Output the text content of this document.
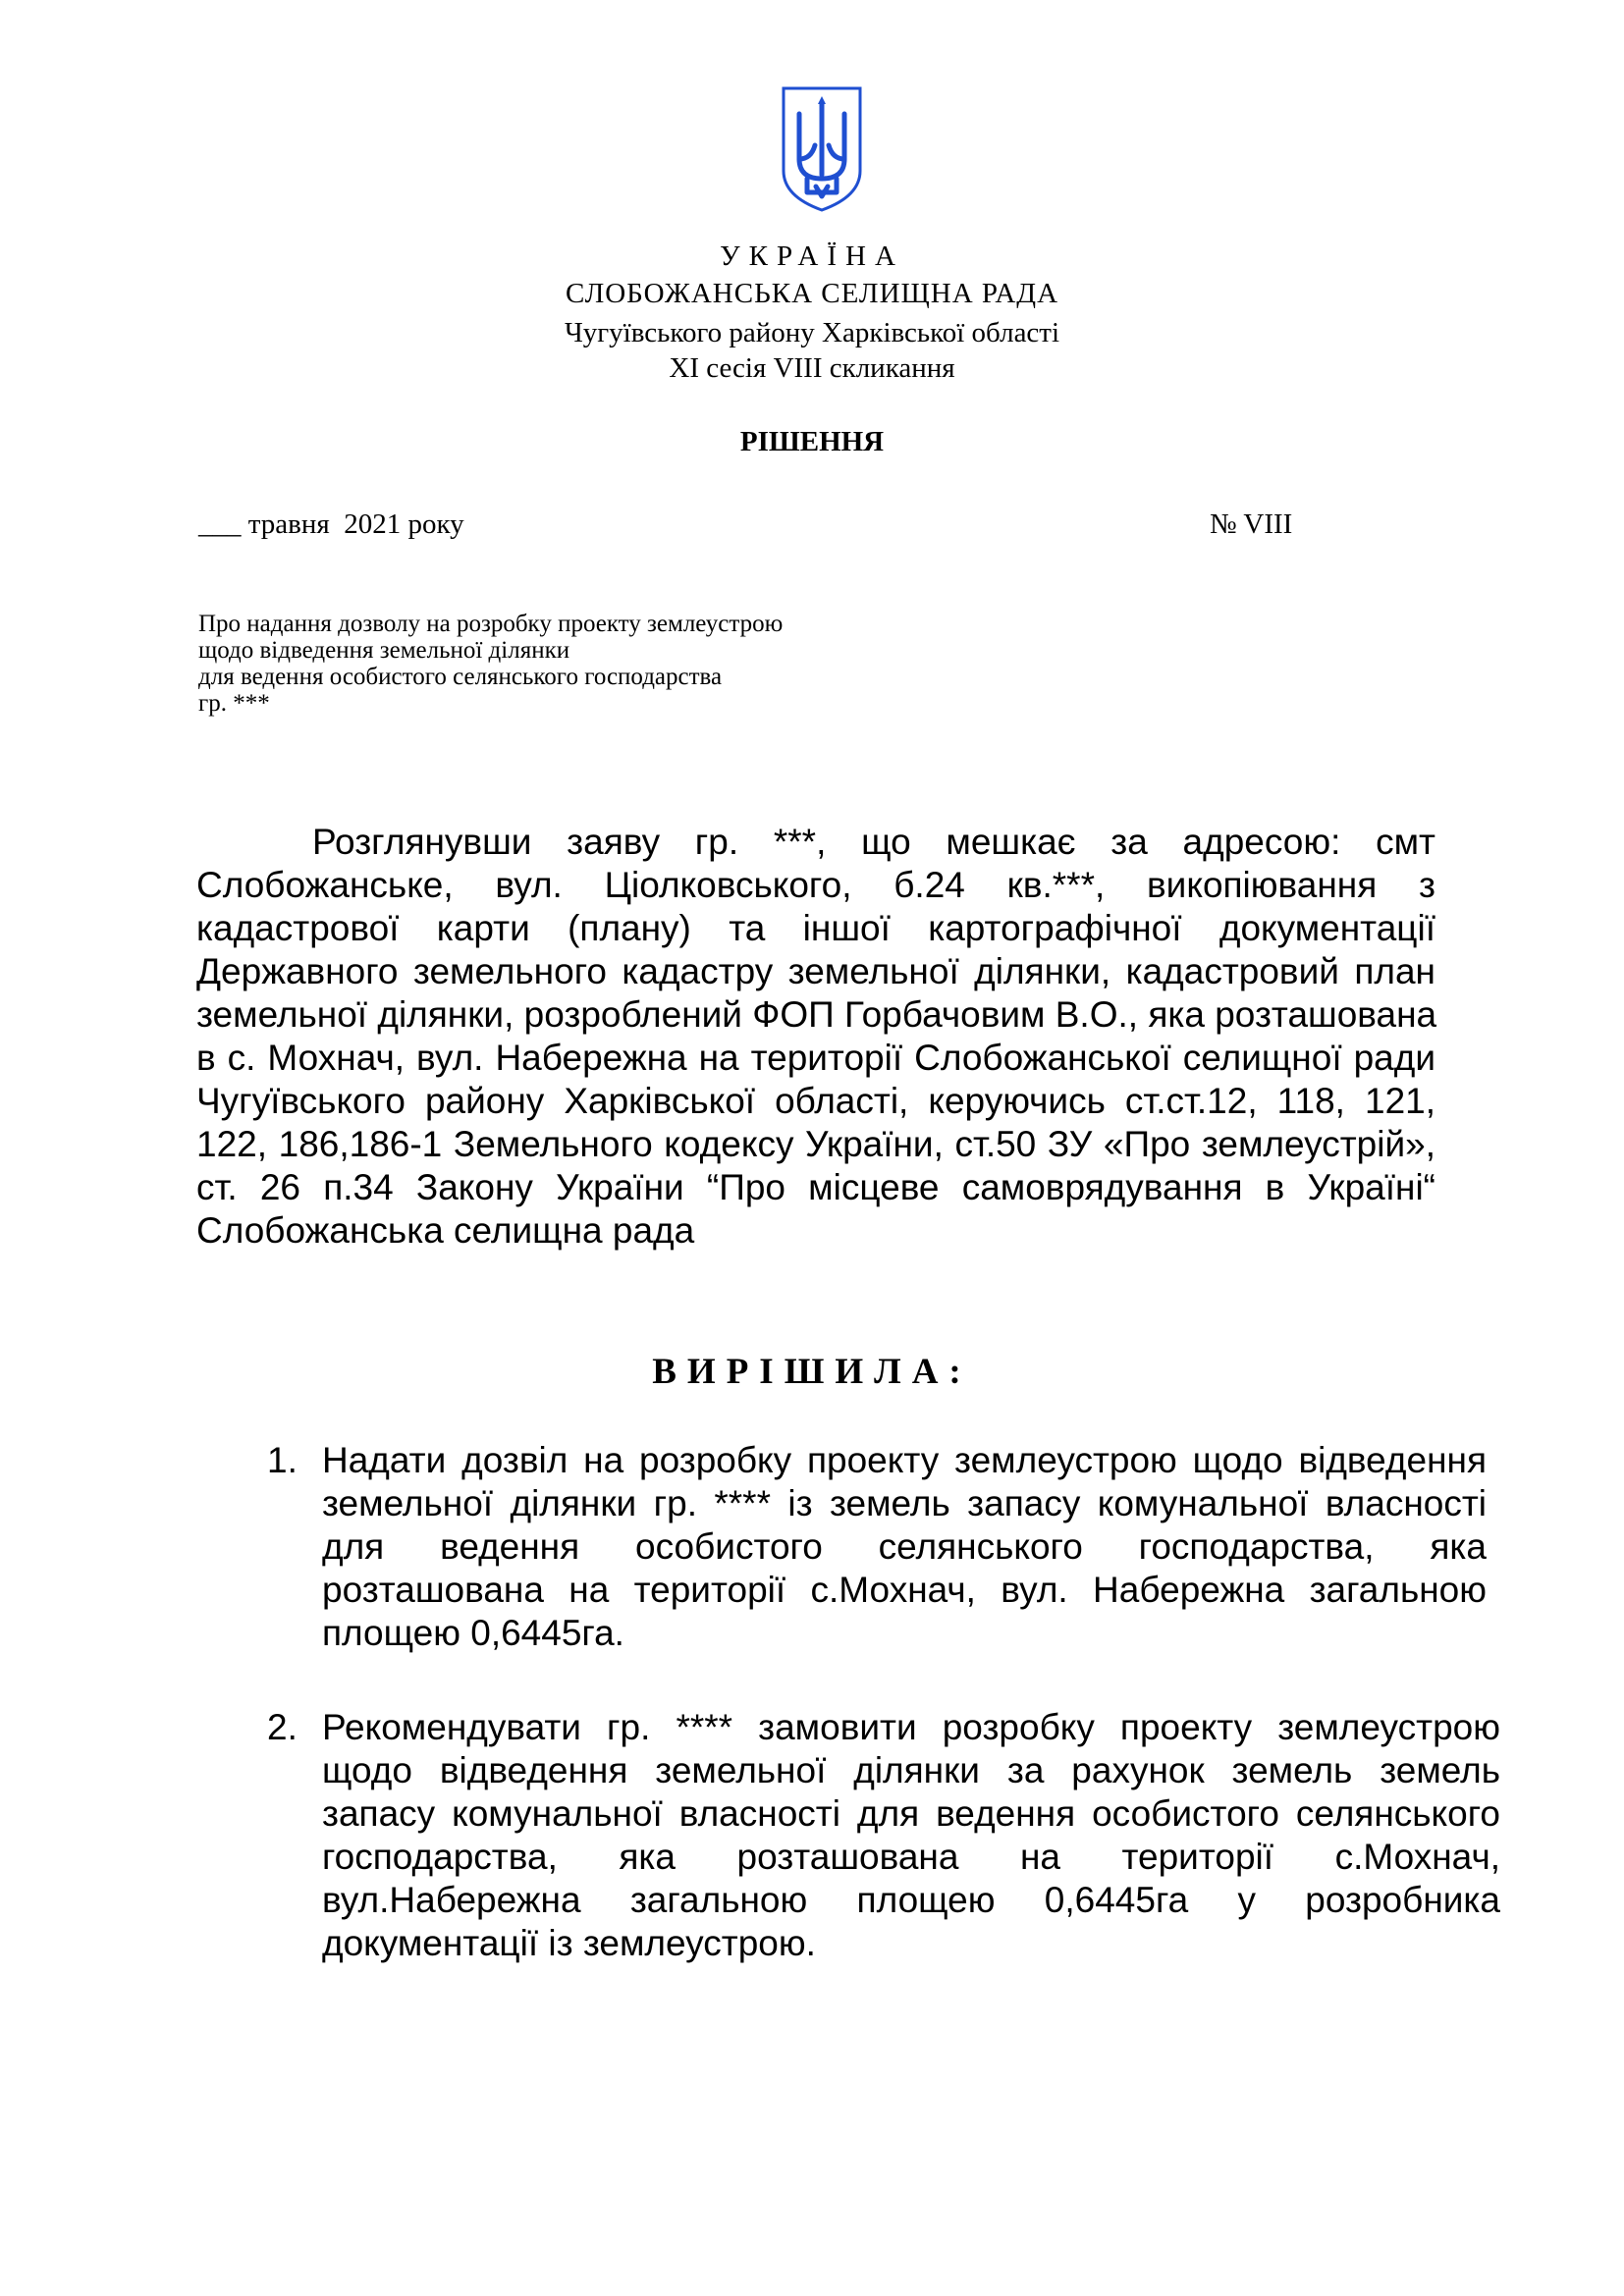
УКРАЇНА
СЛОБОЖАНСЬКА СЕЛИЩНА РАДА
Чугуївського району Харківської області
XI сесія VIII скликання
РІШЕННЯ
___ травня  2021 року	№ VIII
Про надання дозволу на розробку проекту землеустрою
щодо відведення земельної ділянки
для ведення особистого селянського господарства
гр. ***
Розглянувши заяву гр. ***, що мешкає за адресою: смт
Слобожанське, вул. Ціолковського, б.24 кв.***, викопіювання з
кадастрової карти (плану) та іншої картографічної документації
Державного земельного кадастру земельної ділянки, кадастровий план
земельної ділянки, розроблений ФОП Горбачовим В.О., яка розташована
в с. Мохнач, вул. Набережна на території Слобожанської селищної ради
Чугуївського району Харківської області, керуючись ст.ст.12, 118, 121,
122, 186,186-1 Земельного кодексу України, ст.50 ЗУ «Про землеустрій»,
ст. 26 п.34 Закону України “Про місцеве самоврядування в Україні“
Слобожанська селищна рада
ВИРІШИЛА:
1. Надати дозвіл на розробку проекту землеустрою щодо відведення
земельної ділянки гр. **** із земель запасу комунальної власності
для ведення особистого селянського господарства, яка
розташована на території с.Мохнач, вул. Набережна загальною
площею 0,6445га.
2. Рекомендувати гр. **** замовити розробку проекту землеустрою
щодо відведення земельної ділянки за рахунок земель земель
запасу комунальної власності для ведення особистого селянського
господарства, яка розташована на території с.Мохнач,
вул.Набережна загальною площею 0,6445га у розробника
документації із землеустрою.
